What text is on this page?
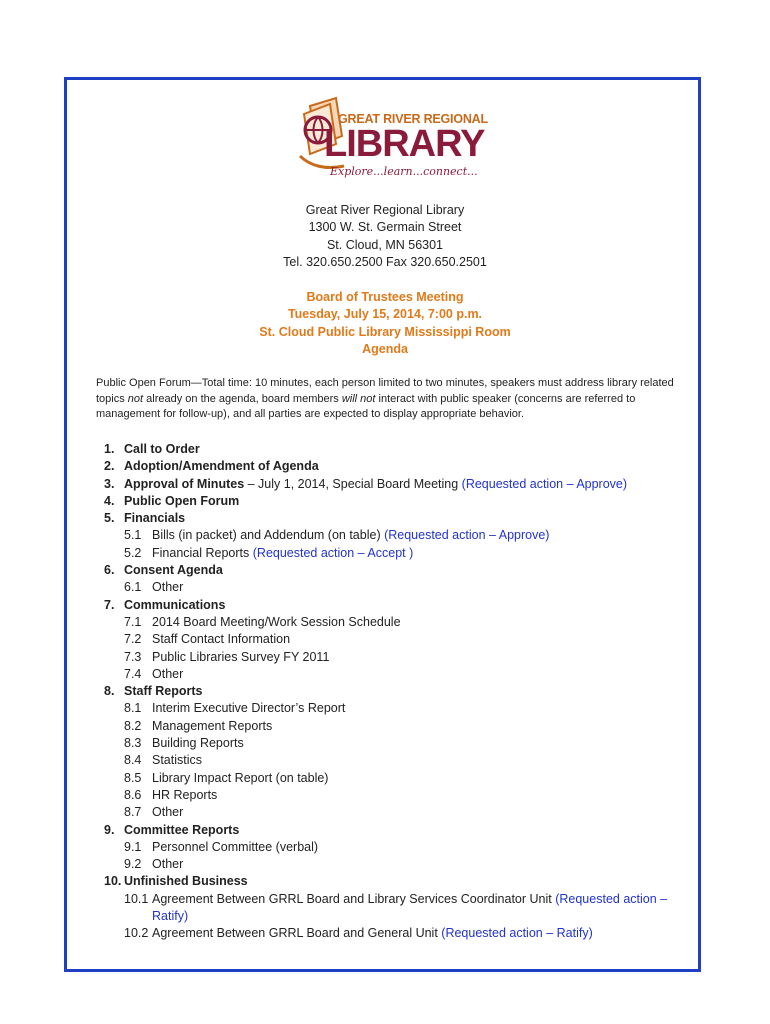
GREAT RIVER REGIONAL
LIBRARY
Explore...learn...connect...
Great River Regional Library
1300 W. St. Germain Street
St. Cloud, MN 56301
Tel. 320.650.2500 Fax 320.650.2501
Board of Trustees Meeting
Tuesday, July 15, 2014, 7:00 p.m.
St. Cloud Public Library Mississippi Room
Agenda
Public Open Forum—Total time: 10 minutes, each person limited to two minutes, speakers must address library related topics not already on the agenda, board members will not interact with public speaker (concerns are referred to management for follow-up), and all parties are expected to display appropriate behavior.
1. Call to Order
2. Adoption/Amendment of Agenda
3. Approval of Minutes – July 1, 2014, Special Board Meeting (Requested action – Approve)
4. Public Open Forum
5. Financials
5.1 Bills (in packet) and Addendum (on table) (Requested action – Approve)
5.2 Financial Reports (Requested action – Accept )
6. Consent Agenda
6.1 Other
7. Communications
7.1 2014 Board Meeting/Work Session Schedule
7.2 Staff Contact Information
7.3 Public Libraries Survey FY 2011
7.4 Other
8. Staff Reports
8.1 Interim Executive Director’s Report
8.2 Management Reports
8.3 Building Reports
8.4 Statistics
8.5 Library Impact Report (on table)
8.6 HR Reports
8.7 Other
9. Committee Reports
9.1 Personnel Committee (verbal)
9.2 Other
10. Unfinished Business
10.1 Agreement Between GRRL Board and Library Services Coordinator Unit (Requested action – Ratify)
10.2 Agreement Between GRRL Board and General Unit (Requested action – Ratify)
